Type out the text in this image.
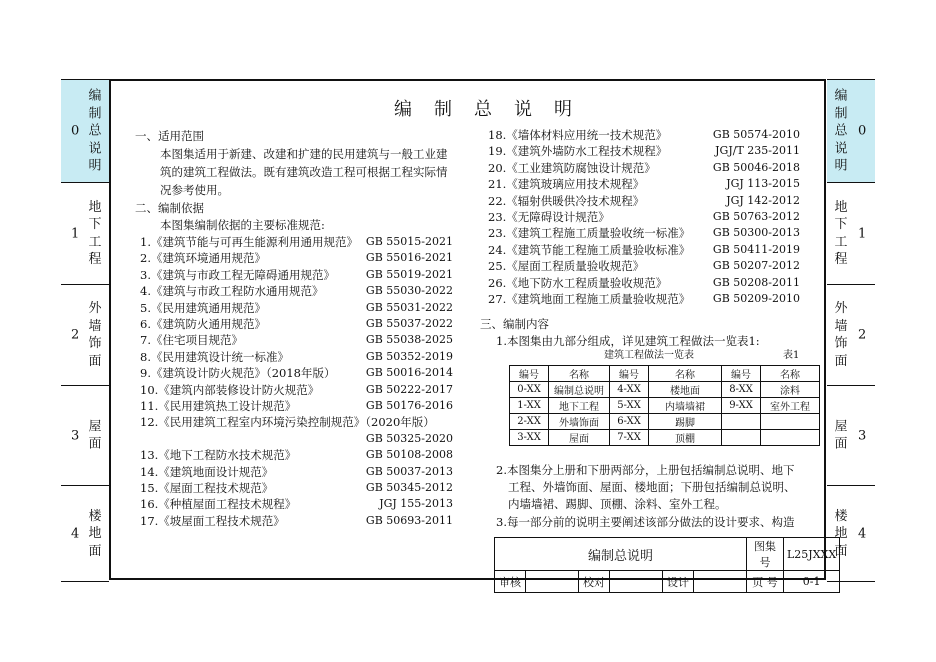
0
编制总说明
1
地下工程
2
外墙饰面
3
屋面
4
楼地面
0
编制总说明
1
地下工程
2
外墙饰面
3
屋面
4
楼地面
编制总说明
一、适用范围
本图集适用于新建、改建和扩建的民用建筑与一般工业建
筑的建筑工程做法。既有建筑改造工程可根据工程实际情
况参考使用。
二、编制依据
本图集编制依据的主要标准规范:
1.《建筑节能与可再生能源利用通用规范》 GB 55015-2021
2.《建筑环境通用规范》	GB 55016-2021
3.《建筑与市政工程无障碍通用规范》	GB 55019-2021
4.《建筑与市政工程防水通用规范》	GB 55030-2022
5.《民用建筑通用规范》	GB 55031-2022
6.《建筑防火通用规范》	GB 55037-2022
7.《住宅项目规范》	GB 55038-2025
8.《民用建筑设计统一标准》	GB 50352-2019
9.《建筑设计防火规范》（2018年版）	GB 50016-2014
10.《建筑内部装修设计防火规范》	GB 50222-2017
11.《民用建筑热工设计规范》	GB 50176-2016
12.《民用建筑工程室内环境污染控制规范》（2020年版）
GB 50325-2020
13.《地下工程防水技术规范》	GB 50108-2008
14.《建筑地面设计规范》	GB 50037-2013
15.《屋面工程技术规范》	GB 50345-2012
16.《种植屋面工程技术规程》	JGJ 155-2013
17.《坡屋面工程技术规范》	GB 50693-2011
18.《墙体材料应用统一技术规范》	GB 50574-2010
19.《建筑外墙防水工程技术规程》	JGJ/T 235-2011
20.《工业建筑防腐蚀设计规范》	GB 50046-2018
21.《建筑玻璃应用技术规程》	JGJ 113-2015
22.《辐射供暖供冷技术规程》	JGJ 142-2012
23.《无障碍设计规范》	GB 50763-2012
23.《建筑工程施工质量验收统一标准》 GB 50300-2013
24.《建筑节能工程施工质量验收标准》 GB 50411-2019
25.《屋面工程质量验收规范》	GB 50207-2012
26.《地下防水工程质量验收规范》	GB 50208-2011
27.《建筑地面工程施工质量验收规范》 GB 50209-2010
三、编制内容
1.本图集由九部分组成，详见建筑工程做法一览表1:
建筑工程做法一览表	表1
编号	名称	编号	名称	编号	名称
0-XX	编制总说明	4-XX	楼地面	8-XX	涂料
1-XX	地下工程	5-XX	内墙墙裙	9-XX	室外工程
2-XX	外墙饰面	6-XX	踢脚		
3-XX	屋面	7-XX	顶棚		
2.本图集分上册和下册两部分，上册包括编制总说明、地下
工程、外墙饰面、屋面、楼地面；下册包括编制总说明、
内墙墙裙、踢脚、顶棚、涂料、室外工程。
3.每一部分前的说明主要阐述该部分做法的设计要求、构造
编制总说明						图集号	L25JXXX
审核		校对		设计		页 号	0-1
